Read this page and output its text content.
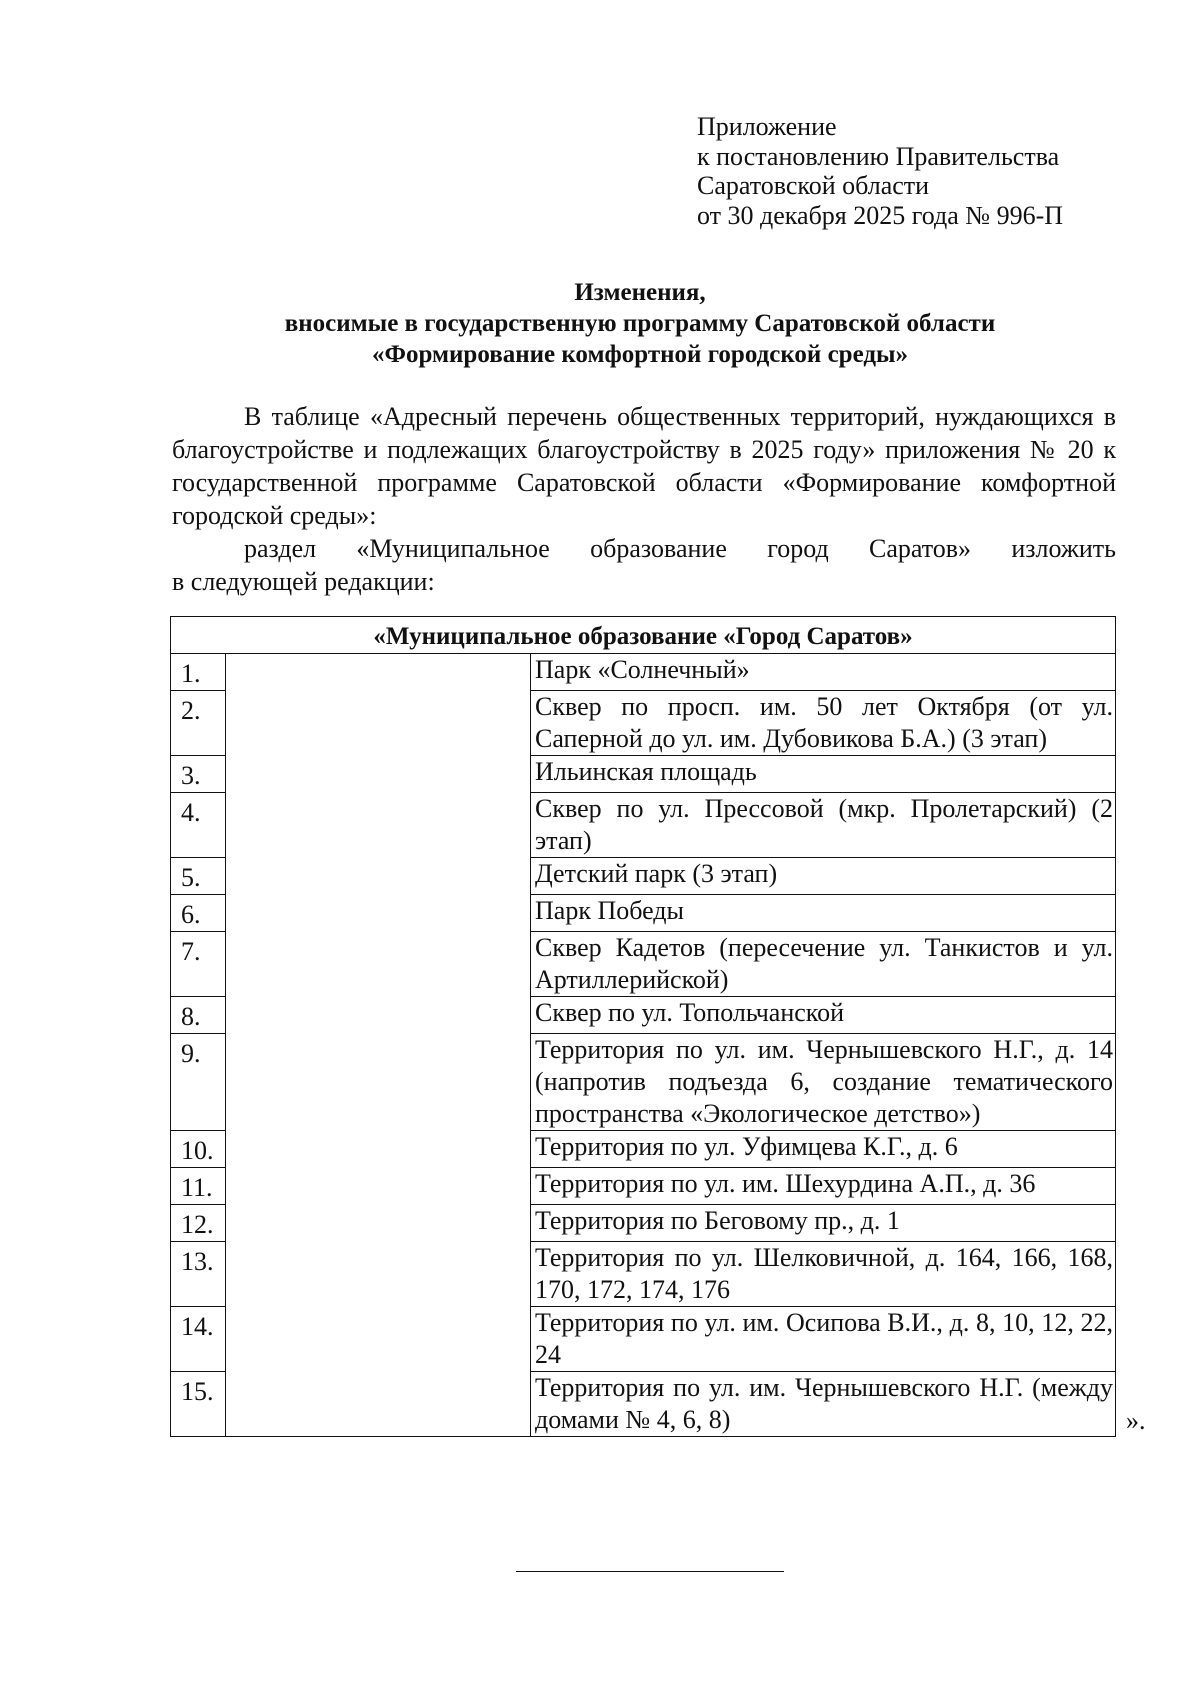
Приложение
к постановлению Правительства
Саратовской области
от 30 декабря 2025 года № 996-П
Изменения,
вносимые в государственную программу Саратовской области
«Формирование комфортной городской среды»

В таблице «Адресный перечень общественных территорий, нуждающихся в благоустройстве и подлежащих благоустройству в 2025 году» приложения № 20 к государственной программе Саратовской области «Формирование комфортной городской среды»:

раздел «Муниципальное образование город Саратов» изложить

в следующей редакции:

«Муниципальное образование «Город Саратов»		
1.		Парк «Солнечный»
2.		Сквер по просп. им. 50 лет Октября (от ул. Саперной до ул. им. Дубовикова Б.А.) (3 этап)
3.		Ильинская площадь
4.		Сквер по ул. Прессовой (мкр. Пролетарский) (2 этап)
5.		Детский парк (3 этап)
6.		Парк Победы
7.		Сквер Кадетов (пересечение ул. Танкистов и ул. Артиллерийской)
8.		Сквер по ул. Топольчанской
9.		Территория по ул. им. Чернышевского Н.Г., д. 14 (напротив подъезда 6, создание тематического пространства «Экологическое детство»)
10.		Территория по ул. Уфимцева К.Г., д. 6
11.		Территория по ул. им. Шехурдина А.П., д. 36
12.		Территория по Беговому пр., д. 1
13.		Территория по ул. Шелковичной, д. 164, 166, 168, 170, 172, 174, 176
14.		Территория по ул. им. Осипова В.И., д. 8, 10, 12, 22, 24
15.		Территория по ул. им. Чернышевского Н.Г. (между домами № 4, 6, 8)	».
